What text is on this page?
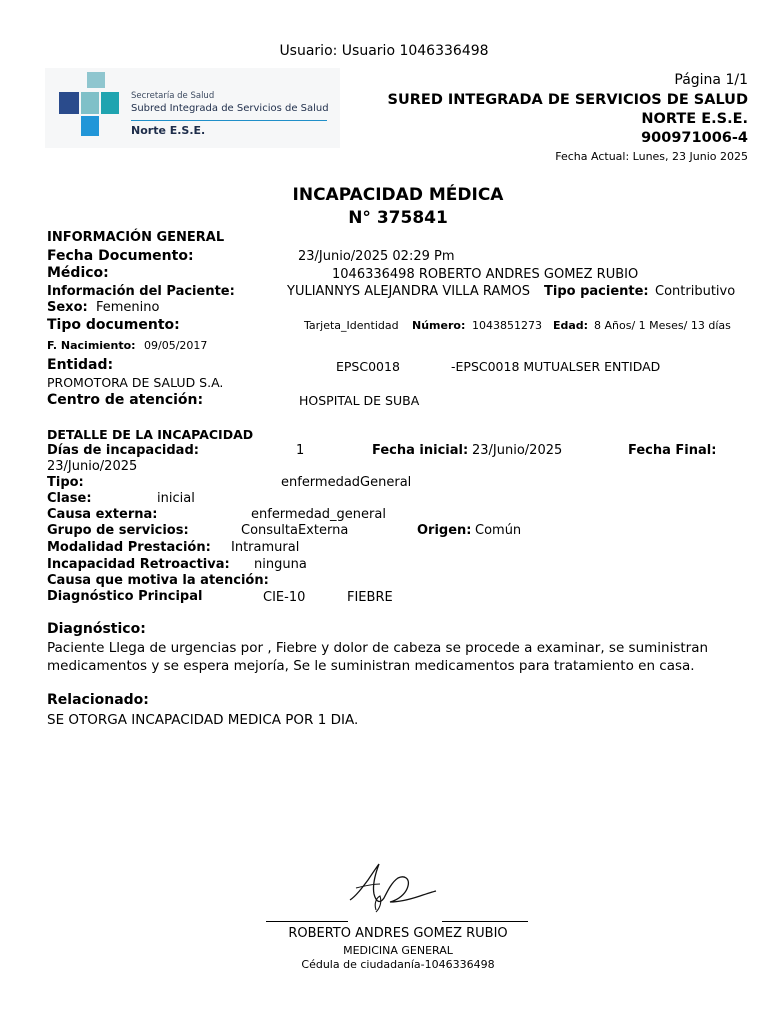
Usuario: Usuario 1046336498
Secretaría de Salud
Subred Integrada de Servicios de Salud
Norte E.S.E.
Página 1/1
SURED INTEGRADA DE SERVICIOS DE SALUD
NORTE E.S.E.
900971006-4
Fecha Actual: Lunes, 23 Junio 2025
INCAPACIDAD MÉDICA
N° 375841
INFORMACIÓN GENERAL
Fecha Documento:	23/Junio/2025 02:29 Pm
Médico:	1046336498 ROBERTO ANDRES GOMEZ RUBIO
Información del Paciente:	YULIANNYS ALEJANDRA VILLA RAMOS Tipo paciente: Contributivo
Sexo: Femenino
Tipo documento:	Tarjeta_Identidad Número: 1043851273 Edad: 8 Años/ 1 Meses/ 13 días
F. Nacimiento: 09/05/2017
Entidad:	EPSC0018	-EPSC0018 MUTUALSER ENTIDAD
PROMOTORA DE SALUD S.A.
Centro de atención:	HOSPITAL DE SUBA
DETALLE DE LA INCAPACIDAD
Días de incapacidad:	1	Fecha inicial: 23/Junio/2025	Fecha Final:
23/Junio/2025
Tipo:	enfermedadGeneral
Clase:	inicial
Causa externa:	enfermedad_general
Grupo de servicios:	ConsultaExterna	Origen: Común
Modalidad Prestación: Intramural
Incapacidad Retroactiva: ninguna
Causa que motiva la atención:
Diagnóstico Principal	CIE-10	FIEBRE
Diagnóstico:
Paciente Llega de urgencias por , Fiebre y dolor de cabeza se procede a examinar, se suministran medicamentos y se espera mejoría, Se le suministran medicamentos para tratamiento en casa.
Relacionado:
SE OTORGA INCAPACIDAD MEDICA POR 1 DIA.
ROBERTO ANDRES GOMEZ RUBIO
MEDICINA GENERAL
Cédula de ciudadanía-1046336498
